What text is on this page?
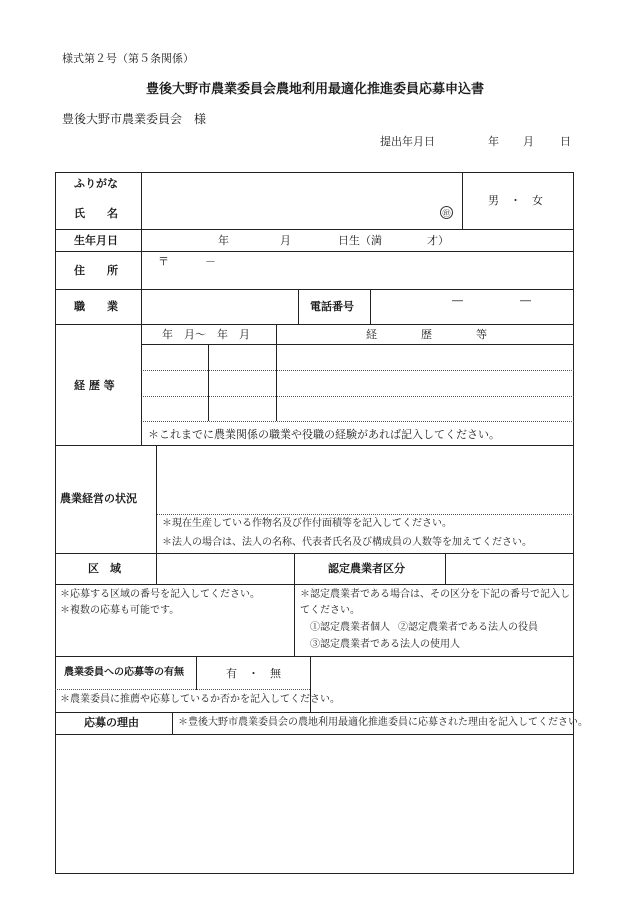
様式第２号（第５条関係）
豊後大野市農業委員会農地利用最適化推進委員応募申込書
豊後大野市農業委員会　様
提出年月日	年 月 日
ふりがな
氏　　名	㊞
男　・　女
生年月日	年	月	日生（満	才）
住　　所
〒	－
職　　業	電話番号	―	―
経 歴 等
年　月～　年　月	経　　　　歴　　　　等
＊これまでに農業関係の職業や役職の経験があれば記入してください。
農業経営の状況
＊現在生産している作物名及び作付面積等を記入してください。
＊法人の場合は、法人の名称、代表者氏名及び構成員の人数等を加えてください。
区　域	認定農業者区分
＊応募する区域の番号を記入してください。
＊複数の応募も可能です。
＊認定農業者である場合は、その区分を下記の番号で記入し
てください。
①認定農業者個人 ②認定農業者である法人の役員
③認定農業者である法人の使用人
農業委員への応募等の有無	有　・　無
＊農業委員に推薦や応募しているか否かを記入してください。
応募の理由	＊豊後大野市農業委員会の農地利用最適化推進委員に応募された理由を記入してください。
